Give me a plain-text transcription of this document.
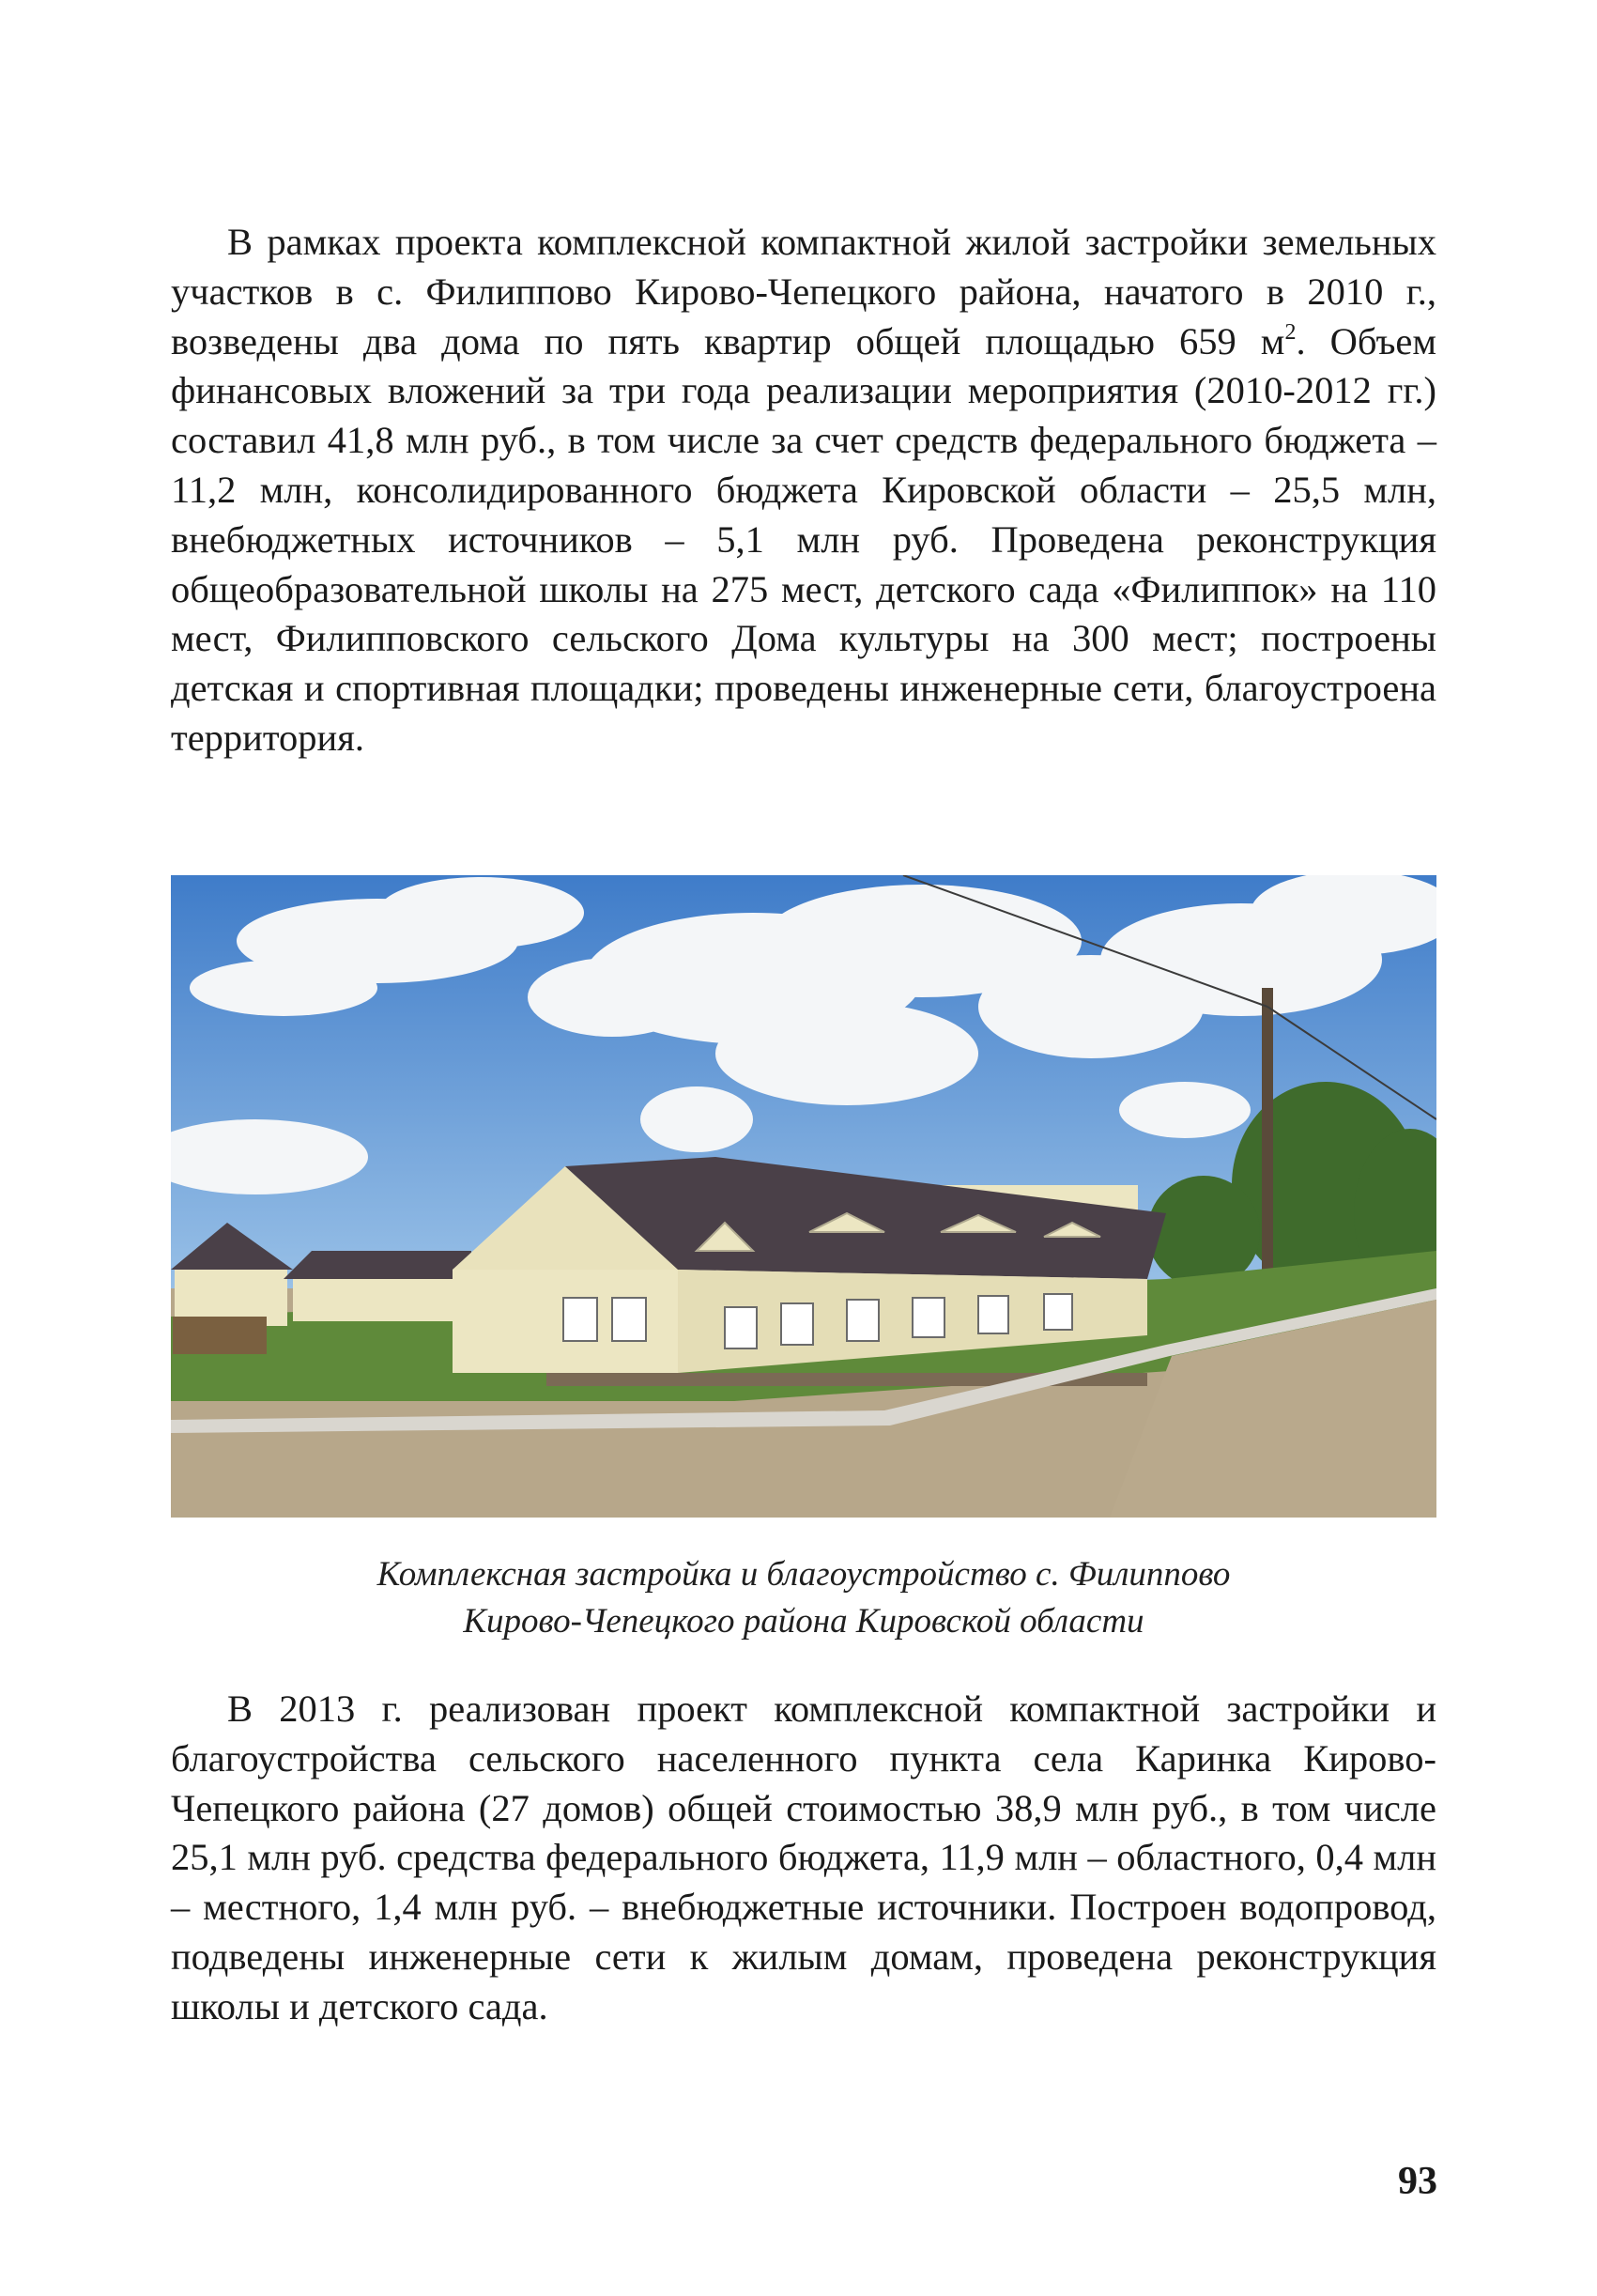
В рамках проекта комплексной компактной жилой застройки земельных участков в с. Филиппово Кирово-Чепецкого района, начатого в 2010 г., возведены два дома по пять квартир общей площадью 659 $м^2$. Объем финансовых вложений за три года реализации мероприятия (2010-2012 гг.) составил 41,8 млн руб., в том числе за счет средств федерального бюджета – 11,2 млн, консолидированного бюджета Кировской области – 25,5 млн, внебюджетных источников – 5,1 млн руб. Проведена реконструкция общеобразовательной школы на 275 мест, детского сада «Филиппок» на 110 мест, Филипповского сельского Дома культуры на 300 мест; построены детская и спортивная площадки; проведены инженерные сети, благоустроена территория.

Комплексная застройка и благоустройство с. Филиппово
Кирово-Чепецкого района Кировской области

В 2013 г. реализован проект комплексной компактной застройки и благоустройства сельского населенного пункта села Каринка Кирово-Чепецкого района (27 домов) общей стоимостью 38,9 млн руб., в том числе 25,1 млн руб. средства федерального бюджета, 11,9 млн – областного, 0,4 млн – местного, 1,4 млн руб. – внебюджетные источники. Построен водопровод, подведены инженерные сети к жилым домам, проведена реконструкция школы и детского сада.

93
